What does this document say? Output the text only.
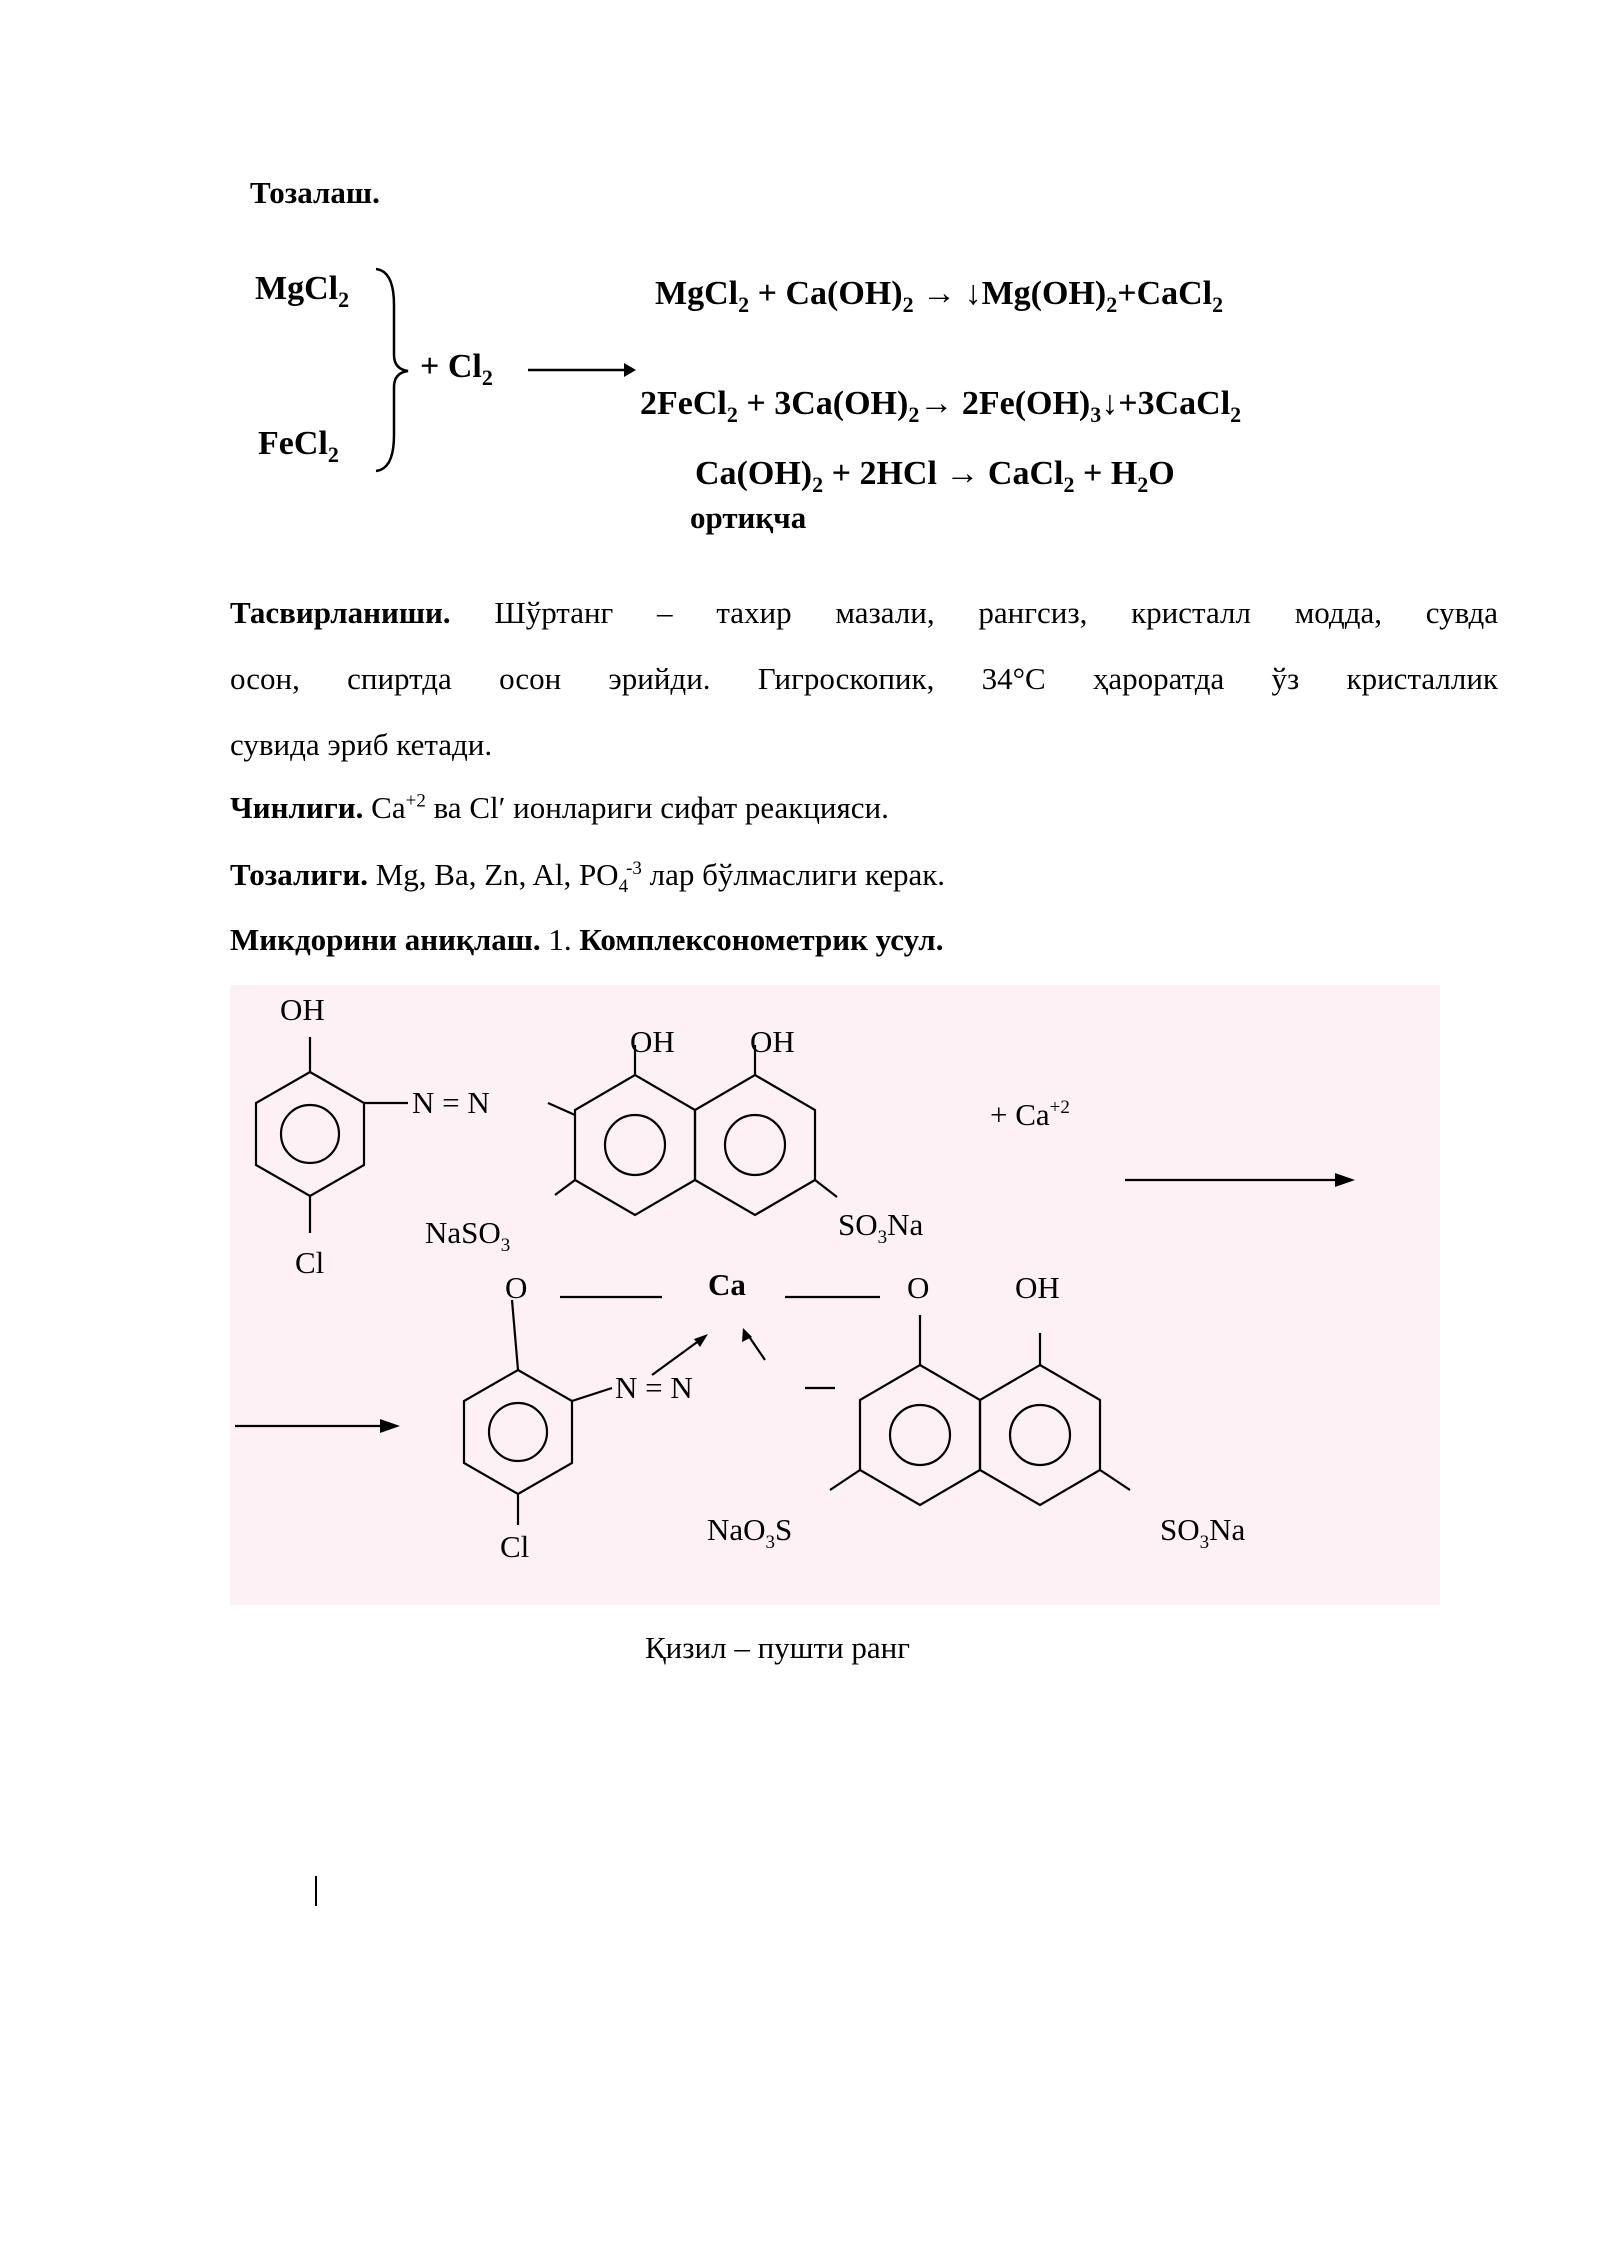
Тозалаш.
MgCl$_2$
FeCl$_2$
+ $Cl_2$
MgCl$_2$ + $Ca(OH)_2$ → $↓Mg(OH)_2+CaCl_2$
2FeCl$_2$ + $3Ca(OH)_2\to$ $2Fe(OH)_3↓+3CaCl_2$
$Ca(OH)_2 + 2HCl$ → CaCl$_2$ + $H_2O$
ортиқча
Тасвирланиши. Шўртанг – тахир мазали, рангсиз, кристалл модда, сувда
осон, спиртда осон эрийди. Гигроскопик, 34°С ҳароратда ўз кристаллик
сувида эриб кетади.
Чинлиги. $Ca^{+2}$ ва Cl′ ионлариги сифат реакцияси.
Тозалиги. Mg, Ba, Zn, Al, $PO_4^{-3}$ лар бўлмаслиги керак.
Микдорини аниқлаш. 1. Комплексонометрик усул.
OH
OH OH
N = N	+ $Ca^{+2}$
NaSO$_3$
$SO_3Na$
Cl
O	Ca	O	OH
N = N
NaO$_3$S	$SO_3Na$
Cl
Қизил – пушти ранг
